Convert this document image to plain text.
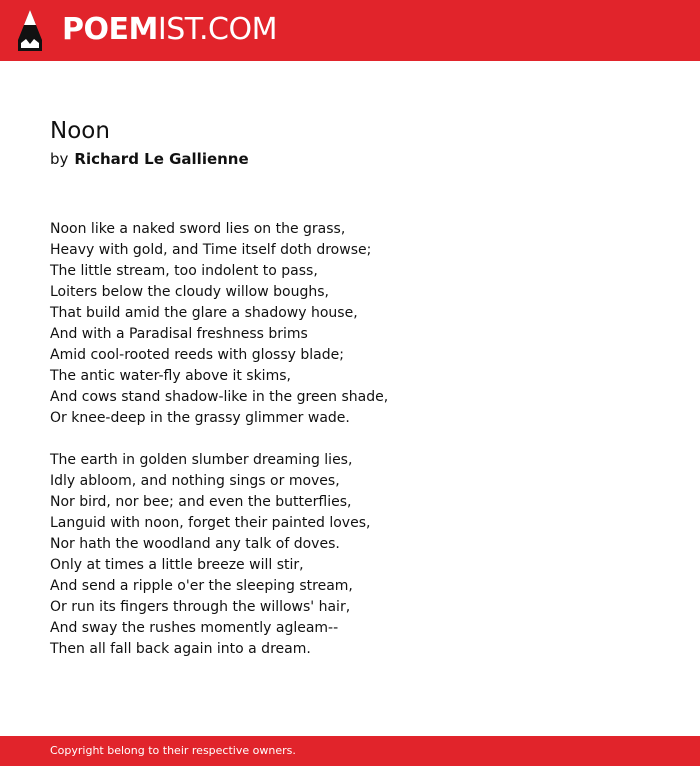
POEMIST.COM
Noon
by Richard Le Gallienne
Noon like a naked sword lies on the grass,
Heavy with gold, and Time itself doth drowse;
The little stream, too indolent to pass,
Loiters below the cloudy willow boughs,
That build amid the glare a shadowy house,
And with a Paradisal freshness brims
Amid cool-rooted reeds with glossy blade;
The antic water-fly above it skims,
And cows stand shadow-like in the green shade,
Or knee-deep in the grassy glimmer wade.
The earth in golden slumber dreaming lies,
Idly abloom, and nothing sings or moves,
Nor bird, nor bee; and even the butterflies,
Languid with noon, forget their painted loves,
Nor hath the woodland any talk of doves.
Only at times a little breeze will stir,
And send a ripple o'er the sleeping stream,
Or run its fingers through the willows' hair,
And sway the rushes momently agleam--
Then all fall back again into a dream.
Copyright belong to their respective owners.
